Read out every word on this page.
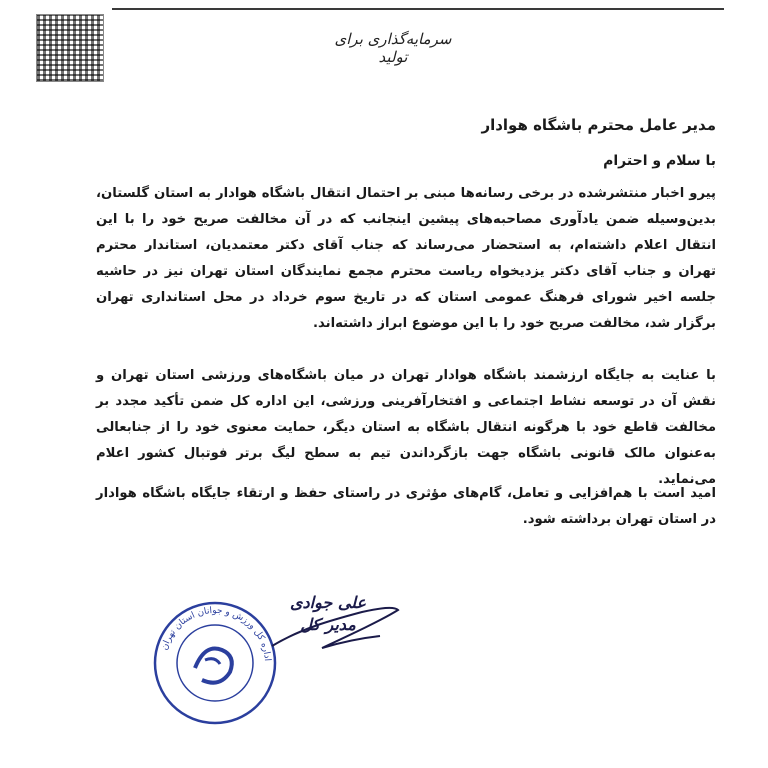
سرمایه‌گذاری برای تولید
مدیر عامل محترم باشگاه هوادار
با سلام و احترام
پیرو اخبار منتشرشده در برخی رسانه‌ها مبنی بر احتمال انتقال باشگاه هوادار به استان گلستان، بدین‌وسیله ضمن یادآوری مصاحبه‌های پیشین اینجانب که در آن مخالفت صریح خود را با این انتقال اعلام داشته‌ام، به استحضار می‌رساند که جناب آقای دکتر معتمدیان، استاندار محترم تهران و جناب آقای دکتر یزدیخواه ریاست محترم مجمع نمایندگان استان تهران نیز در حاشیه جلسه اخیر شورای فرهنگ عمومی استان که در تاریخ سوم خرداد در محل استانداری تهران برگزار شد، مخالفت صریح خود را با این موضوع ابراز داشته‌اند.
با عنایت به جایگاه ارزشمند باشگاه هوادار تهران در میان باشگاه‌های ورزشی استان تهران و نقش آن در توسعه نشاط اجتماعی و افتخارآفرینی ورزشی، این اداره کل ضمن تأکید مجدد بر مخالفت قاطع خود با هرگونه انتقال باشگاه به استان دیگر، حمایت معنوی خود را از جنابعالی به‌عنوان مالک قانونی باشگاه جهت بازگرداندن تیم به سطح لیگ برتر فوتبال کشور اعلام می‌نماید.
امید است با هم‌افزایی و تعامل، گام‌های مؤثری در راستای حفظ و ارتقاء جایگاه باشگاه هوادار در استان تهران برداشته شود.
اداره کل ورزش و جوانان استان تهران
علی جوادی
مدیر کل
